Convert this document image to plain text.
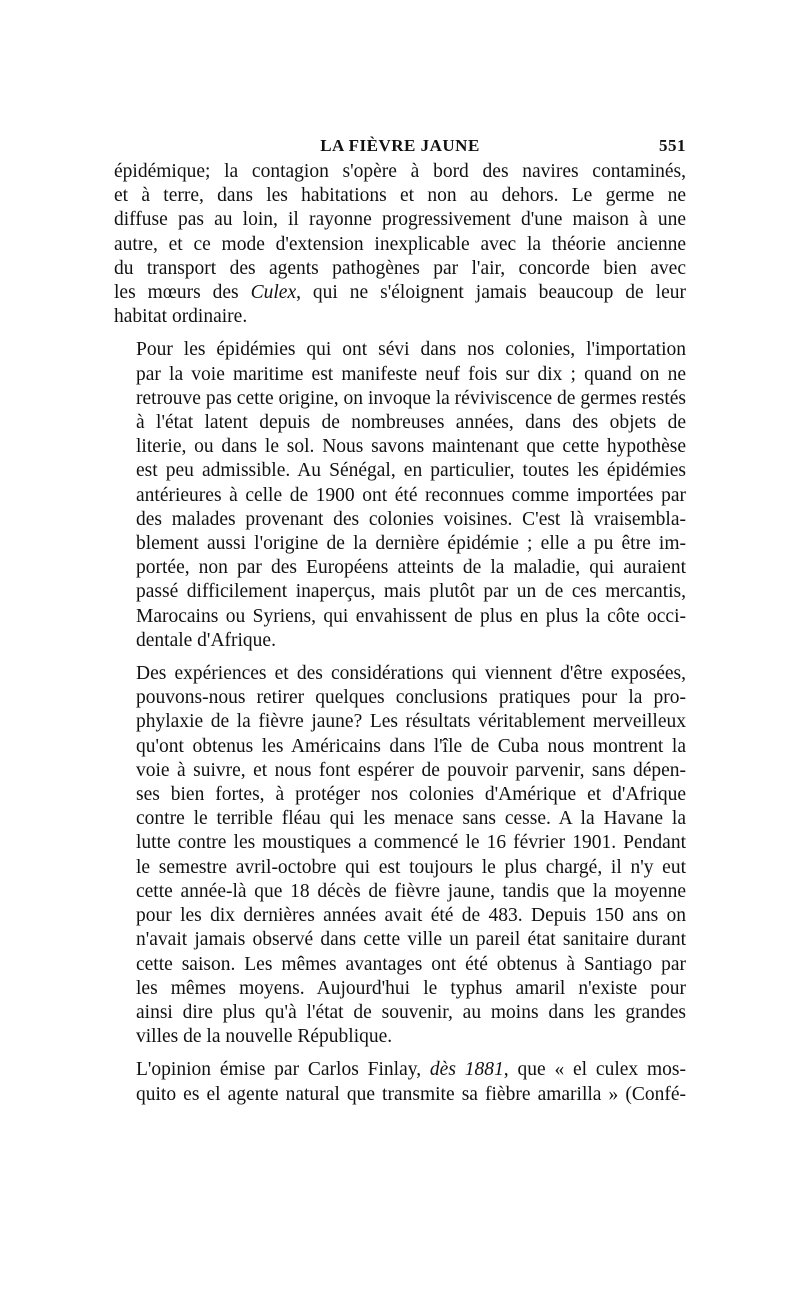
LA FIÈVRE JAUNE	551

épidémique; la contagion s'opère à bord des navires contaminés,
et à terre, dans les habitations et non au dehors. Le germe ne
diffuse pas au loin, il rayonne progressivement d'une maison à une
autre, et ce mode d'extension inexplicable avec la théorie ancienne
du transport des agents pathogènes par l'air, concorde bien avec
les mœurs des Culex, qui ne s'éloignent jamais beaucoup de leur
habitat ordinaire.

Pour les épidémies qui ont sévi dans nos colonies, l'importation
par la voie maritime est manifeste neuf fois sur dix ; quand on ne
retrouve pas cette origine, on invoque la réviviscence de germes restés
à l'état latent depuis de nombreuses années, dans des objets de
literie, ou dans le sol. Nous savons maintenant que cette hypothèse
est peu admissible. Au Sénégal, en particulier, toutes les épidémies
antérieures à celle de 1900 ont été reconnues comme importées par
des malades provenant des colonies voisines. C'est là vraisembla-
blement aussi l'origine de la dernière épidémie ; elle a pu être im-
portée, non par des Européens atteints de la maladie, qui auraient
passé difficilement inaperçus, mais plutôt par un de ces mercantis,
Marocains ou Syriens, qui envahissent de plus en plus la côte occi-
dentale d'Afrique.

Des expériences et des considérations qui viennent d'être exposées,
pouvons-nous retirer quelques conclusions pratiques pour la pro-
phylaxie de la fièvre jaune? Les résultats véritablement merveilleux
qu'ont obtenus les Américains dans l'île de Cuba nous montrent la
voie à suivre, et nous font espérer de pouvoir parvenir, sans dépen-
ses bien fortes, à protéger nos colonies d'Amérique et d'Afrique
contre le terrible fléau qui les menace sans cesse. A la Havane la
lutte contre les moustiques a commencé le 16 février 1901. Pendant
le semestre avril-octobre qui est toujours le plus chargé, il n'y eut
cette année-là que 18 décès de fièvre jaune, tandis que la moyenne
pour les dix dernières années avait été de 483. Depuis 150 ans on
n'avait jamais observé dans cette ville un pareil état sanitaire durant
cette saison. Les mêmes avantages ont été obtenus à Santiago par
les mêmes moyens. Aujourd'hui le typhus amaril n'existe pour
ainsi dire plus qu'à l'état de souvenir, au moins dans les grandes
villes de la nouvelle République.

L'opinion émise par Carlos Finlay, dès 1881, que « el culex mos-
quito es el agente natural que transmite sa fièbre amarilla » (Confé-
